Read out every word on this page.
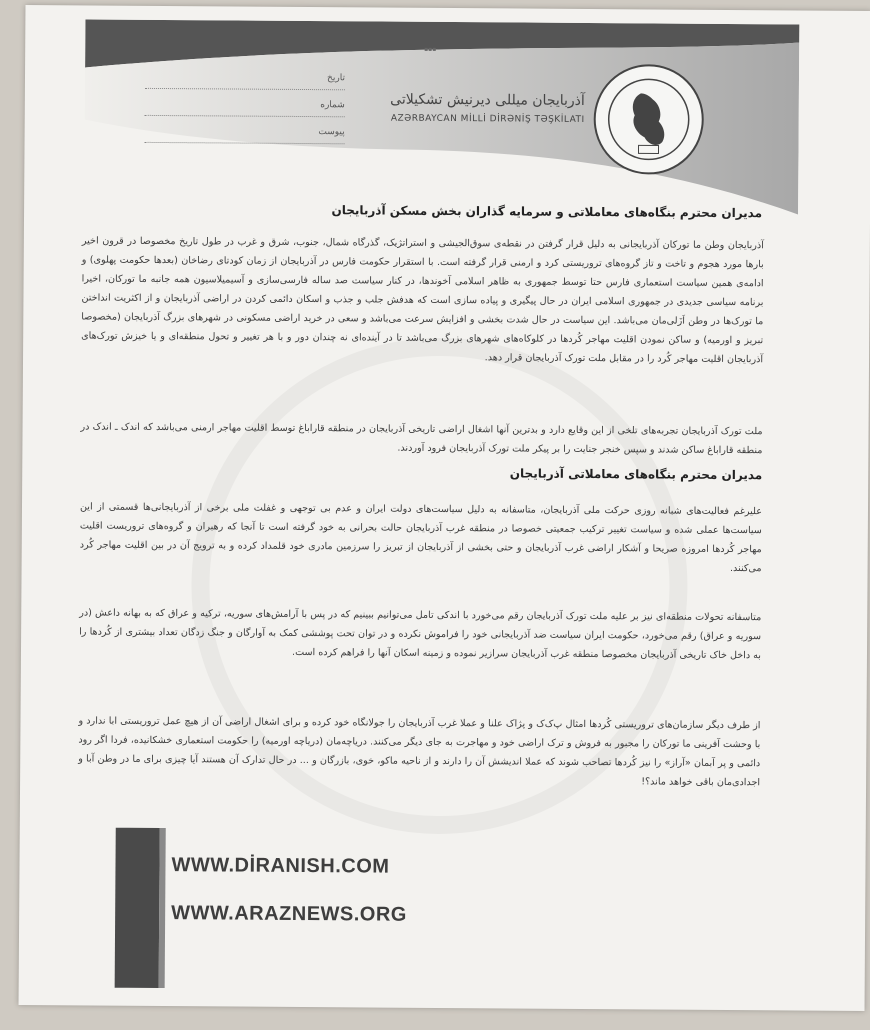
▪▪▪
تاریخ
شماره
پیوست
آذربایجان میللی دیرنیش تشکیلاتی
AZƏRBAYCAN MİLLİ DİRƏNİŞ TƏŞKİLATI
مدیران محترم بنگاه‌های معاملاتی و سرمایه گذاران بخش مسکن آذربایجان
آذربایجان وطن ما تورکان آذربایجانی به دلیل قرار گرفتن در نقطه‌ی سوق‌الجیشی و استراتژیک، گذرگاه شمال، جنوب، شرق و غرب در طول تاریخ مخصوصا در قرون اخیر بارها مورد هجوم و تاخت و تاز گروه‌های تروریستی کرد و ارمنی قرار گرفته است. با استقرار حکومت فارس در آذربایجان از زمان کودتای رضاخان (بعدها حکومت پهلوی) و ادامه‌ی همین سیاست استعماری فارس حتا توسط جمهوری به ظاهر اسلامی آخوندها، در کنار سیاست صد ساله فارسی‌سازی و آسیمیلاسیون همه جانبه ما تورکان، اخیرا برنامه سیاسی جدیدی در جمهوری اسلامی ایران در حال پیگیری و پیاده سازی است که هدفش جلب و جذب و اسکان دائمی کردن در اراضی آذربایجان و از اکثریت انداختن ما تورک‌ها در وطن اَزَلی‌مان می‌باشد. این سیاست در حال شدت بخشی و افزایش سرعت می‌باشد و سعی در خرید اراضی مسکونی در شهرهای بزرگ آذربایجان (مخصوصا تبریز و اورمیه) و ساکن نمودن اقلیت مهاجر کُردها در کلوکاه‌های شهرهای بزرگ می‌باشد تا در آینده‌ای نه چندان دور و با هر تغییر و تحول منطقه‌ای و یا خیزش تورک‌های آذربایجان اقلیت مهاجر کُرد را در مقابل ملت تورک آذربایجان قرار دهد.
ملت تورک آذربایجان تجربه‌های تلخی از این وقایع دارد و بدترین آنها اشغال اراضی تاریخی آذربایجان در منطقه قاراباغ توسط اقلیت مهاجر ارمنی می‌باشد که اندک ـ اندک در منطقه قاراباغ ساکن شدند و سپس خنجر جنایت را بر پیکر ملت تورک آذربایجان فرود آوردند.
مدیران محترم بنگاه‌های معاملاتی آذربایجان
علیرغم فعالیت‌های شبانه روزی حرکت ملی آذربایجان، متاسفانه به دلیل سیاست‌های دولت ایران و عدم بی توجهی و غفلت ملی برخی از آذربایجانی‌ها قسمتی از این سیاست‌ها عملی شده و سیاست تغییر ترکیب جمعیتی خصوصا در منطقه غرب آذربایجان حالت بحرانی به خود گرفته است تا آنجا که رهبران و گروه‌های تروریست اقلیت مهاجر کُردها امروزه صریحا و آشکار اراضی غرب آذربایجان و حتی بخشی از آذربایجان از تبریز را سرزمین مادری خود قلمداد کرده و به ترویج آن در بین اقلیت مهاجر کُرد می‌کنند.
متاسفانه تحولات منطقه‌ای نیز بر علیه ملت تورک آذربایجان رقم می‌خورد با اندکی تامل می‌توانیم ببینیم که در پس با آرامش‌های سوریه، ترکیه و عراق که به بهانه داعش (در سوریه و عراق) رقم می‌خورد، حکومت ایران سیاست ضد آذربایجانی خود را فراموش نکرده و در توان تحت پوششی کمک به آوارگان و جنگ زدگان تعداد بیشتری از کُردها را به داخل خاک تاریخی آذربایجان مخصوصا منطقه غرب آذربایجان سرازیر نموده و زمینه اسکان آنها را فراهم کرده است.
از طرف دیگر سازمان‌های تروریستی کُردها امثال پ‌ک‌ک و پژاک علنا و عملا غرب آذربایجان را جولانگاه خود کرده و برای اشغال اراضی آن از هیچ عمل تروریستی ابا ندارد و با وحشت آفرینی ما تورکان را مجبور به فروش و ترک اراضی خود و مهاجرت به جای دیگر می‌کنند. دریاچه‌مان (دریاچه اورمیه) را حکومت استعماری خشکانیده، فردا اگر رود دائمی و پر آبمان «آراز» را نیز کُردها تصاحب شوند که عملا اندیشش آن را دارند و از ناحیه ماکو، خوی، بازرگان و ... در حال تدارک آن هستند آیا چیزی برای ما در وطن آبا و اجدادی‌مان باقی خواهد ماند؟!
WWW.DİRANISH.COM
WWW.ARAZNEWS.ORG
